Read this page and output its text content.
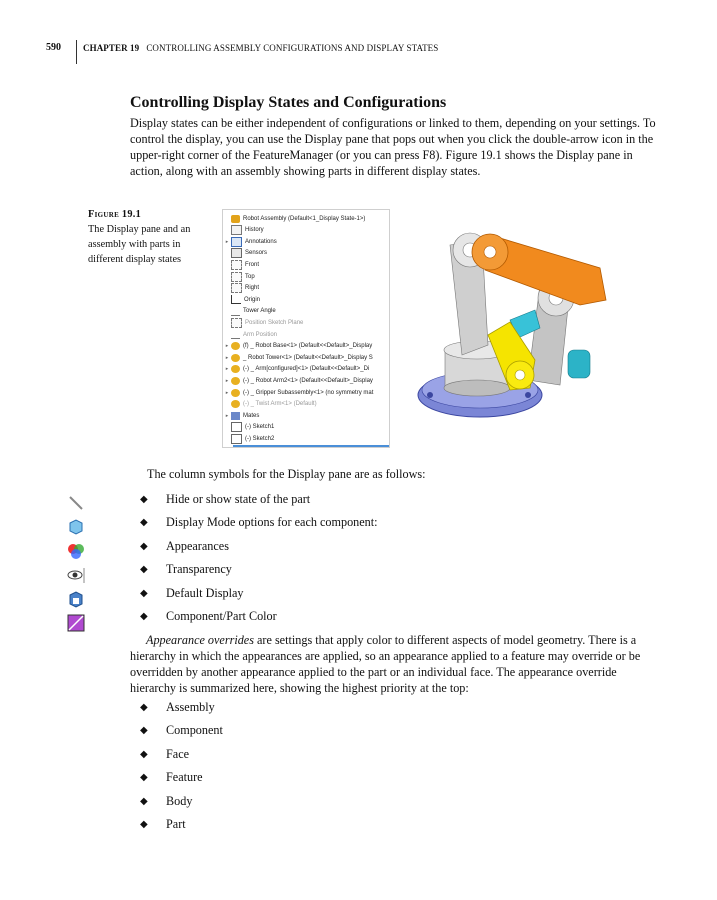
590 CHAPTER 19 CONTROLLING ASSEMBLY CONFIGURATIONS AND DISPLAY STATES
Controlling Display States and Configurations

Display states can be either independent of configurations or linked to them, depending on your settings. To control the display, you can use the Display pane that pops out when you click the double-arrow icon in the upper-right corner of the FeatureManager (or you can press F8). Figure 19.1 shows the Display pane in action, along with an assembly showing parts in different display states.

Figure 19.1
The Display pane and an assembly with parts in different display states
Robot Assembly (Default<1_Display State-1>)
History
▸	Annotations
Sensors
Front
Top
Right
Origin
Tower Angle
Position Sketch Plane
Arm Position
▸	(f) _ Robot Base<1> (Default<<Default>_Display
▸	_ Robot Tower<1> (Default<<Default>_Display S
▸	(-) _ Arm[configured]<1> (Default<<Default>_Di
▸	(-) _ Robot Arm2<1> (Default<<Default>_Display
▸	(-) _ Gripper Subassembly<1> (no symmetry mat
(-) _ Twist Arm<1> (Default)
▸	Mates
(-) Sketch1
(-) Sketch2
The column symbols for the Display pane are as follows:
◆	Hide or show state of the part
◆	Display Mode options for each component:
◆	Appearances
◆	Transparency
◆	Default Display
◆	Component/Part Color

Appearance overrides are settings that apply color to different aspects of model geometry. There is a hierarchy in which the appearances are applied, so an appearance applied to a feature may override or be overridden by another appearance applied to the part or an individual face. The appearance override hierarchy is summarized here, showing the highest priority at the top:

◆	Assembly
◆	Component
◆	Face
◆	Feature
◆	Body
◆	Part
